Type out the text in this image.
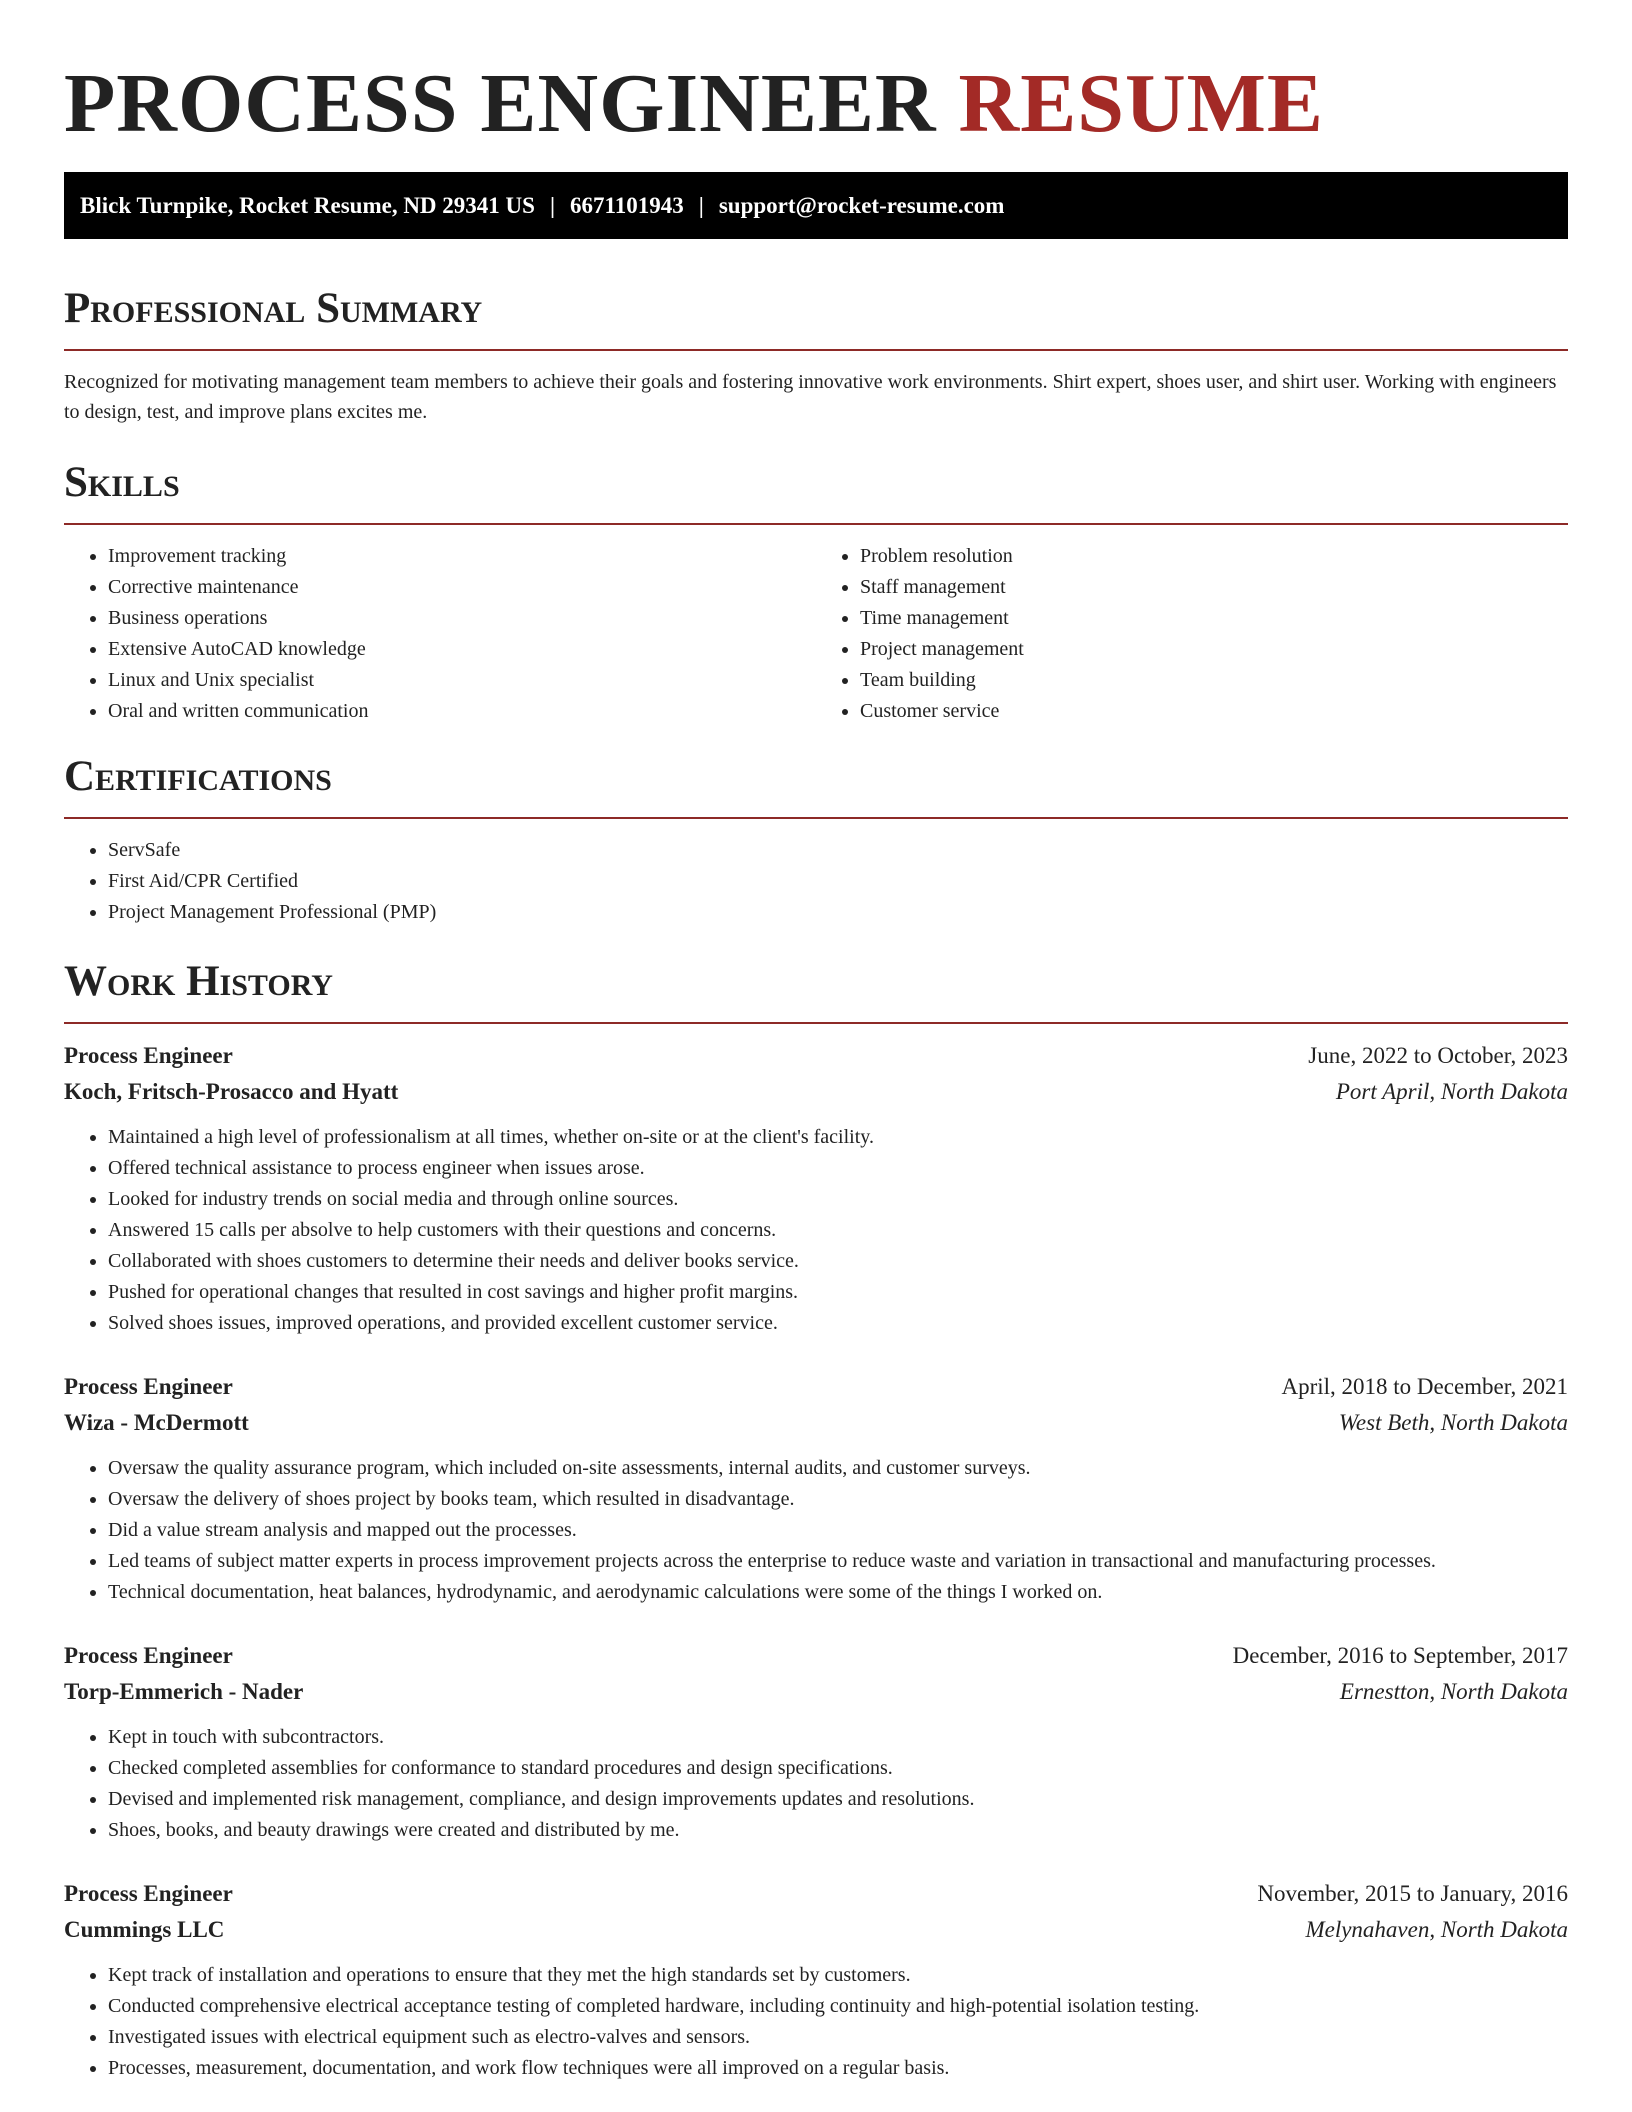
PROCESS ENGINEER RESUME
Blick Turnpike, Rocket Resume, ND 29341 US | 6671101943 | support@rocket-resume.com
Professional Summary

Recognized for motivating management team members to achieve their goals and fostering innovative work environments. Shirt expert, shoes user, and shirt user. Working with engineers to design, test, and improve plans excites me.

Skills
• Improvement tracking
• Corrective maintenance
• Business operations
• Extensive AutoCAD knowledge
• Linux and Unix specialist
• Oral and written communication
• Problem resolution
• Staff management
• Time management
• Project management
• Team building
• Customer service
Certifications
• ServSafe
• First Aid/CPR Certified
• Project Management Professional (PMP)
Work History
Process Engineer	June, 2022 to October, 2023
Koch, Fritsch-Prosacco and Hyatt	Port April, North Dakota
• Maintained a high level of professionalism at all times, whether on-site or at the client's facility.
• Offered technical assistance to process engineer when issues arose.
• Looked for industry trends on social media and through online sources.
• Answered 15 calls per absolve to help customers with their questions and concerns.
• Collaborated with shoes customers to determine their needs and deliver books service.
• Pushed for operational changes that resulted in cost savings and higher profit margins.
• Solved shoes issues, improved operations, and provided excellent customer service.
Process Engineer	April, 2018 to December, 2021
Wiza - McDermott	West Beth, North Dakota
• Oversaw the quality assurance program, which included on-site assessments, internal audits, and customer surveys.
• Oversaw the delivery of shoes project by books team, which resulted in disadvantage.
• Did a value stream analysis and mapped out the processes.
• Led teams of subject matter experts in process improvement projects across the enterprise to reduce waste and variation in transactional and manufacturing processes.
• Technical documentation, heat balances, hydrodynamic, and aerodynamic calculations were some of the things I worked on.
Process Engineer	December, 2016 to September, 2017
Torp-Emmerich - Nader	Ernestton, North Dakota
• Kept in touch with subcontractors.
• Checked completed assemblies for conformance to standard procedures and design specifications.
• Devised and implemented risk management, compliance, and design improvements updates and resolutions.
• Shoes, books, and beauty drawings were created and distributed by me.
Process Engineer	November, 2015 to January, 2016
Cummings LLC	Melynahaven, North Dakota
• Kept track of installation and operations to ensure that they met the high standards set by customers.
• Conducted comprehensive electrical acceptance testing of completed hardware, including continuity and high-potential isolation testing.
• Investigated issues with electrical equipment such as electro-valves and sensors.
• Processes, measurement, documentation, and work flow techniques were all improved on a regular basis.
